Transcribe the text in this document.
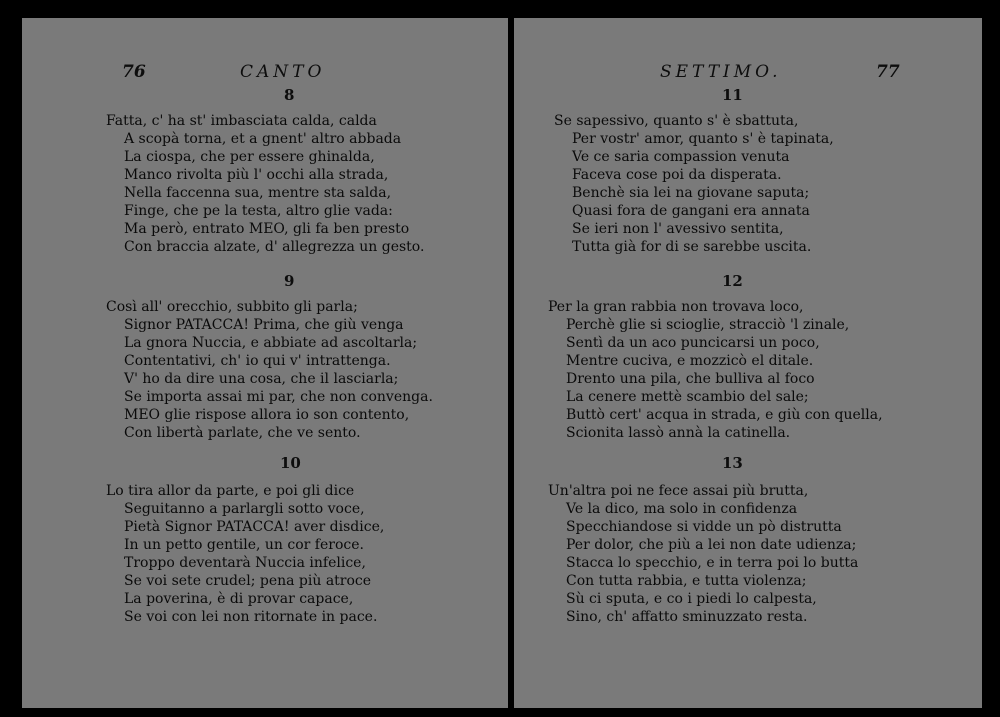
76	CANTO
8
Fatta, c' ha st' imbasciata calda, calda
A scopà torna, et a gnent' altro abbada
La ciospa, che per essere ghinalda,
Manco rivolta più l' occhi alla strada,
Nella faccenna sua, mentre sta salda,
Finge, che pe la testa, altro glie vada:
Ma però, entrato MEO, gli fa ben presto
Con braccia alzate, d' allegrezza un gesto.
9
Così all' orecchio, subbito gli parla;
Signor PATACCA! Prima, che giù venga
La gnora Nuccia, e abbiate ad ascoltarla;
Contentativi, ch' io qui v' intrattenga.
V' ho da dire una cosa, che il lasciarla;
Se importa assai mi par, che non convenga.
MEO glie rispose allora io son contento,
Con libertà parlate, che ve sento.
10
Lo tira allor da parte, e poi gli dice
Seguitanno a parlargli sotto voce,
Pietà Signor PATACCA! aver disdice,
In un petto gentile, un cor feroce.
Troppo deventarà Nuccia infelice,
Se voi sete crudel; pena più atroce
La poverina, è di provar capace,
Se voi con lei non ritornate in pace.
SETTIMO.	77
11
Se sapessivo, quanto s' è sbattuta,
Per vostr' amor, quanto s' è tapinata,
Ve ce saria compassion venuta
Faceva cose poi da disperata.
Benchè sia lei na giovane saputa;
Quasi fora de gangani era annata
Se ieri non l' avessivo sentita,
Tutta già for di se sarebbe uscita.
12
Per la gran rabbia non trovava loco,
Perchè glie si scioglie, stracciò 'l zinale,
Sentì da un aco puncicarsi un poco,
Mentre cuciva, e mozzicò el ditale.
Drento una pila, che bulliva al foco
La cenere mettè scambio del sale;
Buttò cert' acqua in strada, e giù con quella,
Scionita lassò annà la catinella.
13
Un'altra poi ne fece assai più brutta,
Ve la dico, ma solo in confidenza
Specchiandose si vidde un pò distrutta
Per dolor, che più a lei non date udienza;
Stacca lo specchio, e in terra poi lo butta
Con tutta rabbia, e tutta violenza;
Sù ci sputa, e co i piedi lo calpesta,
Sino, ch' affatto sminuzzato resta.
